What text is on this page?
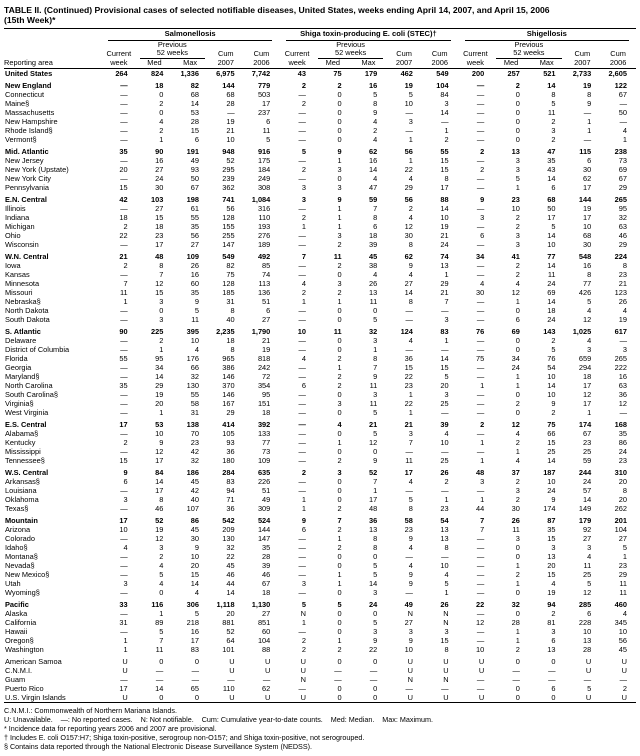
TABLE II. (Continued) Provisional cases of selected notifiable diseases, United States, weeks ending April 14, 2007, and April 15, 2006
(15th Week)*

	Salmonellosis					Shiga toxin-producing E. coli (STEC)†					Shigellosis				

		Previous					Previous					Previous			
	Current	52 weeks		Cum	Cum	Current	52 weeks		Cum	Cum	Current	52 weeks		Cum	Cum
Reporting area	week	Med	Max	2007	2006	week	Med	Max	2007	2006	week	Med	Max	2007	2006
United States	264	824	1,336	6,975	7,742	43	75	179	462	549	200	257	521	2,733	2,605
New England	—	18	82	144	779	2	2	16	19	104	—	2	14	19	122
Connecticut	—	0	68	68	503	—	0	5	5	84	—	0	8	8	67
Maine§	—	2	14	28	17	2	0	8	10	3	—	0	5	9	—
Massachusetts	—	0	53	—	237	—	0	9	—	14	—	0	11	—	50
New Hampshire	—	4	28	19	6	—	0	4	3	—	—	0	2	1	—
Rhode Island§	—	2	15	21	11	—	0	2	—	1	—	0	3	1	4
Vermont§	—	1	6	10	5	—	0	4	1	2	—	0	2	—	1
Mid. Atlantic	35	90	191	948	916	5	9	62	56	55	2	13	47	115	238
New Jersey	—	16	49	52	175	—	1	16	1	15	—	3	35	6	73
New York (Upstate)	20	27	93	295	184	2	3	14	22	15	2	3	43	30	69
New York City	—	24	50	239	249	—	0	4	4	8	—	5	14	62	67
Pennsylvania	15	30	67	362	308	3	3	47	29	17	—	1	6	17	29
E.N. Central	42	103	198	741	1,084	3	9	59	56	88	9	23	68	144	265
Illinois	—	27	61	56	316	—	1	7	2	14	—	10	50	19	95
Indiana	18	15	55	128	110	2	1	8	4	10	3	2	17	17	32
Michigan	2	18	35	155	193	1	1	6	12	19	—	2	5	10	63
Ohio	22	23	56	255	276	—	3	18	30	21	6	3	14	68	46
Wisconsin	—	17	27	147	189	—	2	39	8	24	—	3	10	30	29
W.N. Central	21	48	109	549	492	7	11	45	62	74	34	41	77	548	224
Iowa	2	8	26	82	85	—	2	38	9	13	—	2	14	16	8
Kansas	—	7	16	75	74	—	0	4	4	1	—	2	11	8	23
Minnesota	7	12	60	128	113	4	3	26	27	29	4	4	24	77	21
Missouri	11	15	35	185	136	2	2	13	14	21	30	12	69	426	123
Nebraska§	1	3	9	31	51	1	1	11	8	7	—	1	14	5	26
North Dakota	—	0	5	8	6	—	0	0	—	—	—	0	18	4	4
South Dakota	—	3	11	40	27	—	0	5	—	3	—	6	24	12	19
S. Atlantic	90	225	395	2,235	1,790	10	11	32	124	83	76	69	143	1,025	617
Delaware	—	2	10	18	21	—	0	3	4	1	—	0	2	4	—
District of Columbia	—	1	4	8	19	—	0	1	—	—	—	0	5	3	3
Florida	55	95	176	965	818	4	2	8	36	14	75	34	76	659	265
Georgia	—	34	66	386	242	—	1	7	15	15	—	24	54	294	222
Maryland§	—	14	32	146	72	—	2	9	22	5	—	1	10	18	16
North Carolina	35	29	130	370	354	6	2	11	23	20	1	1	14	17	63
South Carolina§	—	19	55	146	95	—	0	3	1	3	—	0	10	12	36
Virginia§	—	20	58	167	151	—	3	11	22	25	—	2	9	17	12
West Virginia	—	1	31	29	18	—	0	5	1	—	—	0	2	1	—
E.S. Central	17	53	138	414	392	—	4	21	21	39	2	12	75	174	168
Alabama§	—	10	70	105	133	—	0	5	3	4	—	4	66	67	35
Kentucky	2	9	23	93	77	—	1	12	7	10	1	2	15	23	86
Mississippi	—	12	42	36	73	—	0	0	—	—	—	1	25	25	24
Tennessee§	15	17	32	180	109	—	2	9	11	25	1	4	14	59	23
W.S. Central	9	84	186	284	635	2	3	52	17	26	48	37	187	244	310
Arkansas§	6	14	45	83	226	—	0	7	4	2	3	2	10	24	20
Louisiana	—	17	42	94	51	—	0	1	—	—	—	3	24	57	8
Oklahoma	3	8	40	71	49	1	0	17	5	1	1	2	9	14	20
Texas§	—	46	107	36	309	1	2	48	8	23	44	30	174	149	262
Mountain	17	52	86	542	524	9	7	36	58	54	7	26	87	179	201
Arizona	10	19	45	209	144	6	2	13	23	13	7	11	35	92	104
Colorado	—	12	30	130	147	—	1	8	9	13	—	3	15	27	27
Idaho§	4	3	9	32	35	—	2	8	4	8	—	0	3	3	5
Montana§	—	2	10	22	28	—	0	0	—	—	—	0	13	4	1
Nevada§	—	4	20	45	39	—	0	5	4	10	—	1	20	11	23
New Mexico§	—	5	15	46	46	—	1	5	9	4	—	2	15	25	29
Utah	3	4	14	44	67	3	1	14	9	5	—	1	4	5	11
Wyoming§	—	0	4	14	18	—	0	3	—	1	—	0	19	12	11
Pacific	33	116	306	1,118	1,130	5	5	24	49	26	22	32	94	285	460
Alaska	—	1	5	20	27	N	0	0	N	N	—	0	2	6	4
California	31	89	218	881	851	1	0	5	27	N	12	28	81	228	345
Hawaii	—	5	16	52	60	—	0	3	3	3	—	1	3	10	10
Oregon§	1	7	17	64	104	2	1	9	9	15	—	1	6	13	56
Washington	1	11	83	101	88	2	2	22	10	8	10	2	13	28	45
American Samoa	U	0	0	U	U	U	0	0	U	U	U	0	0	U	U
C.N.M.I.	U	—	—	U	U	U	—	—	U	U	U	—	—	U	U
Guam	—	—	—	—	—	N	—	—	N	N	—	—	—	—	—
Puerto Rico	17	14	65	110	62	—	0	0	—	—	—	0	6	5	2
U.S. Virgin Islands	U	0	0	U	U	U	0	0	U	U	U	0	0	U	U
C.N.M.I.: Commonwealth of Northern Mariana Islands.
U: Unavailable.    —: No reported cases.    N: Not notifiable.    Cum: Cumulative year-to-date counts.    Med: Median.    Max: Maximum.
* Incidence data for reporting years 2006 and 2007 are provisional.
† Includes E. coli O157:H7; Shiga toxin-positive, serogroup non-O157; and Shiga toxin-positive, not serogrouped.
§ Contains data reported through the National Electronic Disease Surveillance System (NEDSS).
